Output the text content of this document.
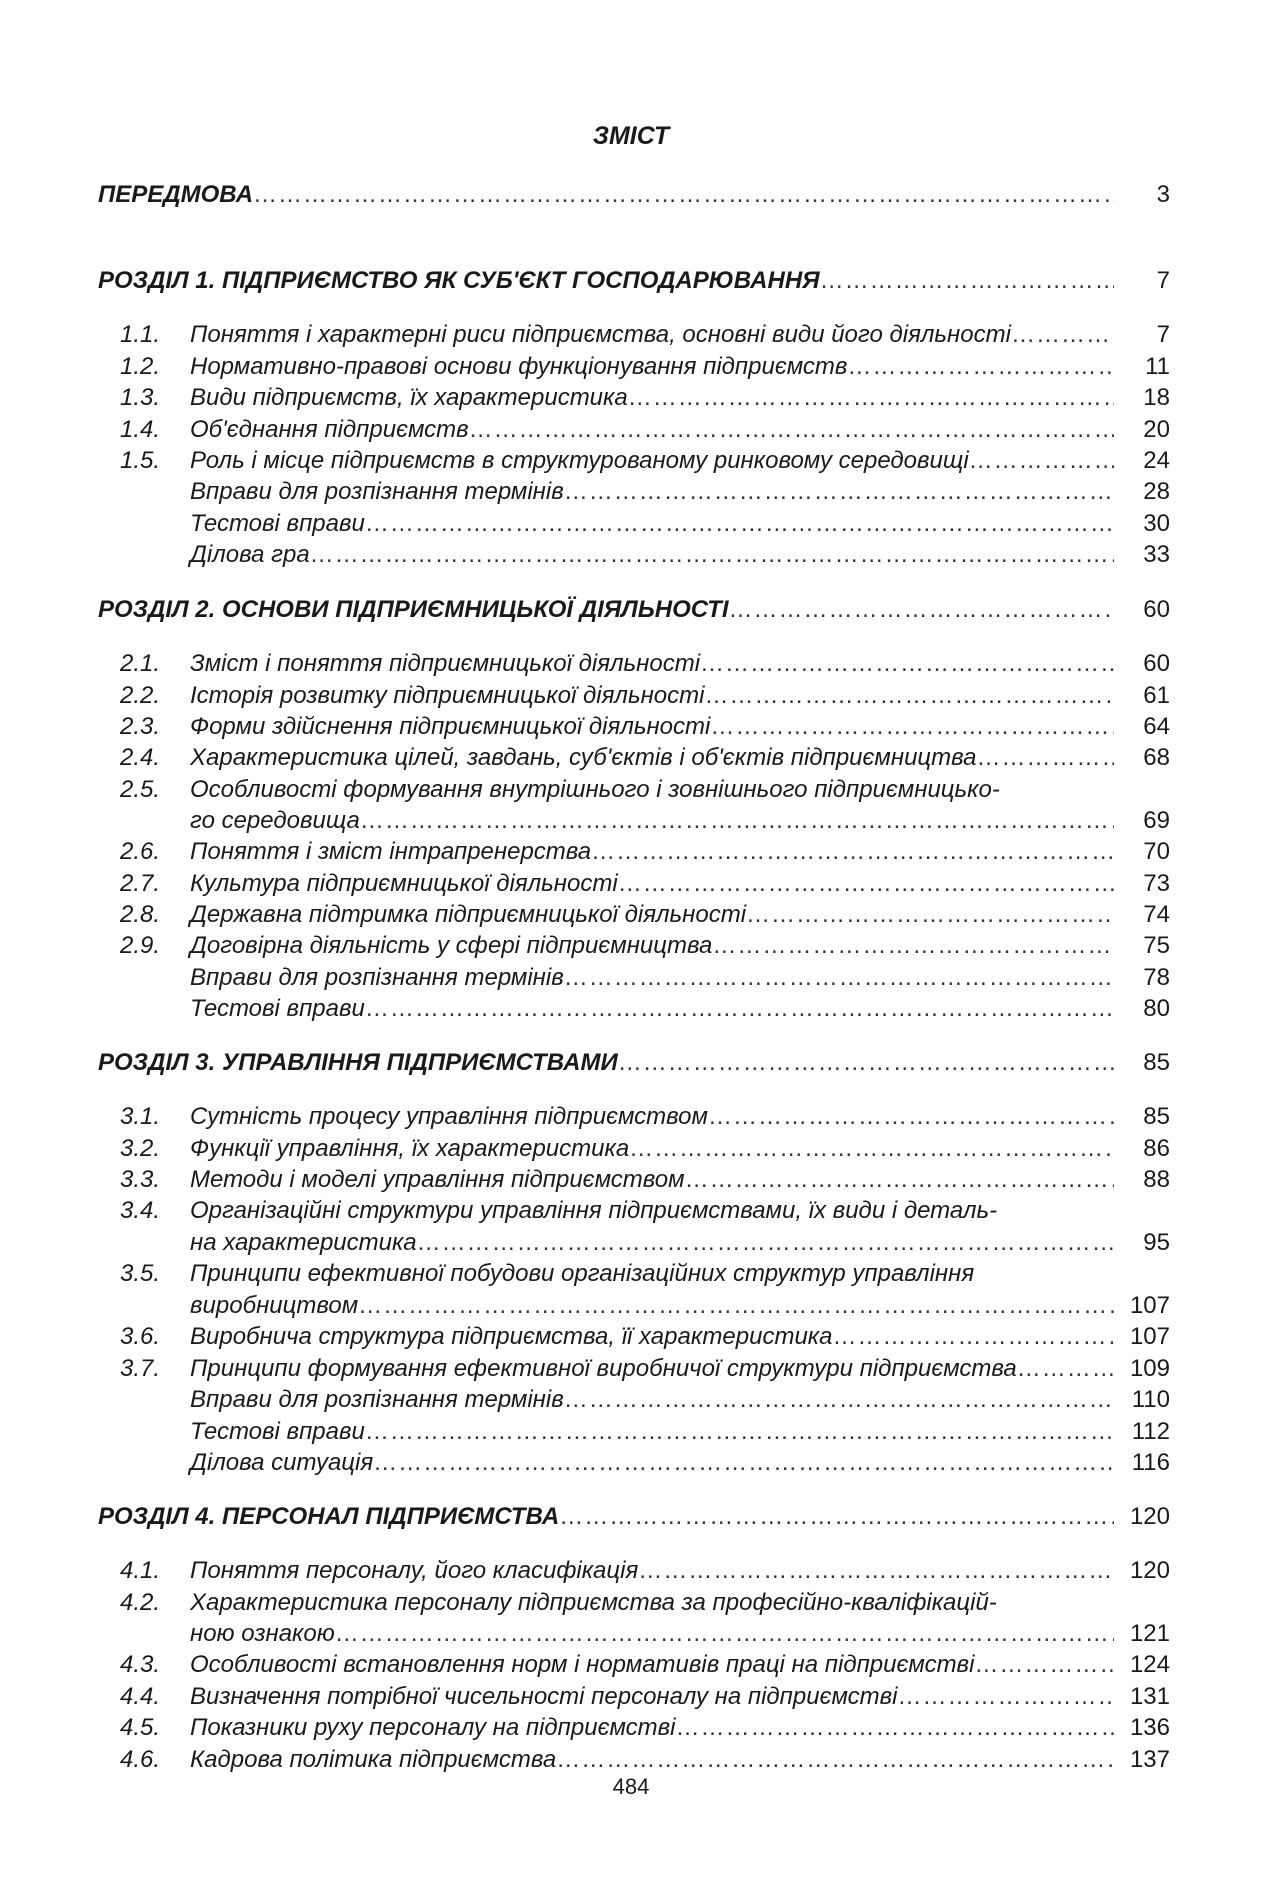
ЗМІСТ
ПЕРЕДМОВА …………………………………………………………………………………………………………………………………………………………………………………………………	3
РОЗДІЛ 1. ПІДПРИЄМСТВО ЯК СУБ'ЄКТ ГОСПОДАРЮВАННЯ …………………………………………………………………………………………………………………………………………………………………………………………………	7
1.1. Поняття і характерні риси підприємства, основні види його діяльності …………………………………………………………………………………………………………………………………………………………………………………………………	7
1.2. Нормативно-правові основи функціонування підприємств …………………………………………………………………………………………………………………………………………………………………………………………………	11
1.3. Види підприємств, їх характеристика …………………………………………………………………………………………………………………………………………………………………………………………………	18
1.4. Об'єднання підприємств …………………………………………………………………………………………………………………………………………………………………………………………………	20
1.5. Роль і місце підприємств в структурованому ринковому середовищі …………………………………………………………………………………………………………………………………………………………………………………………………	24
Вправи для розпізнання термінів …………………………………………………………………………………………………………………………………………………………………………………………………	28
Тестові вправи …………………………………………………………………………………………………………………………………………………………………………………………………	30
Ділова гра …………………………………………………………………………………………………………………………………………………………………………………………………	33
РОЗДІЛ 2. ОСНОВИ ПІДПРИЄМНИЦЬКОЇ ДІЯЛЬНОСТІ …………………………………………………………………………………………………………………………………………………………………………………………………	60
2.1. Зміст і поняття підприємницької діяльності …………………………………………………………………………………………………………………………………………………………………………………………………	60
2.2. Історія розвитку підприємницької діяльності …………………………………………………………………………………………………………………………………………………………………………………………………	61
2.3. Форми здійснення підприємницької діяльності …………………………………………………………………………………………………………………………………………………………………………………………………	64
2.4. Характеристика цілей, завдань, суб'єктів і об'єктів підприємництва …………………………………………………………………………………………………………………………………………………………………………………………………	68
2.5. Особливості формування внутрішнього і зовнішнього підприємницько-
го середовища …………………………………………………………………………………………………………………………………………………………………………………………………	69
2.6. Поняття і зміст інтрапренерства …………………………………………………………………………………………………………………………………………………………………………………………………	70
2.7. Культура підприємницької діяльності …………………………………………………………………………………………………………………………………………………………………………………………………	73
2.8. Державна підтримка підприємницької діяльності …………………………………………………………………………………………………………………………………………………………………………………………………	74
2.9. Договірна діяльність у сфері підприємництва …………………………………………………………………………………………………………………………………………………………………………………………………	75
Вправи для розпізнання термінів …………………………………………………………………………………………………………………………………………………………………………………………………	78
Тестові вправи …………………………………………………………………………………………………………………………………………………………………………………………………	80
РОЗДІЛ 3. УПРАВЛІННЯ ПІДПРИЄМСТВАМИ …………………………………………………………………………………………………………………………………………………………………………………………………	85
3.1. Сутність процесу управління підприємством …………………………………………………………………………………………………………………………………………………………………………………………………	85
3.2. Функції управління, їх характеристика …………………………………………………………………………………………………………………………………………………………………………………………………	86
3.3. Методи і моделі управління підприємством …………………………………………………………………………………………………………………………………………………………………………………………………	88
3.4. Організаційні структури управління підприємствами, їх види і деталь-
на характеристика …………………………………………………………………………………………………………………………………………………………………………………………………	95
3.5. Принципи ефективної побудови організаційних структур управління
виробництвом …………………………………………………………………………………………………………………………………………………………………………………………………	107
3.6. Виробнича структура підприємства, її характеристика …………………………………………………………………………………………………………………………………………………………………………………………………	107
3.7. Принципи формування ефективної виробничої структури підприємства …………………………………………………………………………………………………………………………………………………………………………………………………	109
Вправи для розпізнання термінів …………………………………………………………………………………………………………………………………………………………………………………………………	110
Тестові вправи …………………………………………………………………………………………………………………………………………………………………………………………………	112
Ділова ситуація …………………………………………………………………………………………………………………………………………………………………………………………………	116
РОЗДІЛ 4. ПЕРСОНАЛ ПІДПРИЄМСТВА …………………………………………………………………………………………………………………………………………………………………………………………………	120
4.1. Поняття персоналу, його класифікація …………………………………………………………………………………………………………………………………………………………………………………………………	120
4.2. Характеристика персоналу підприємства за професійно-кваліфікацій-
ною ознакою …………………………………………………………………………………………………………………………………………………………………………………………………	121
4.3. Особливості встановлення норм і нормативів праці на підприємстві …………………………………………………………………………………………………………………………………………………………………………………………………	124
4.4. Визначення потрібної чисельності персоналу на підприємстві …………………………………………………………………………………………………………………………………………………………………………………………………	131
4.5. Показники руху персоналу на підприємстві …………………………………………………………………………………………………………………………………………………………………………………………………	136
4.6. Кадрова політика підприємства …………………………………………………………………………………………………………………………………………………………………………………………………	137
484
